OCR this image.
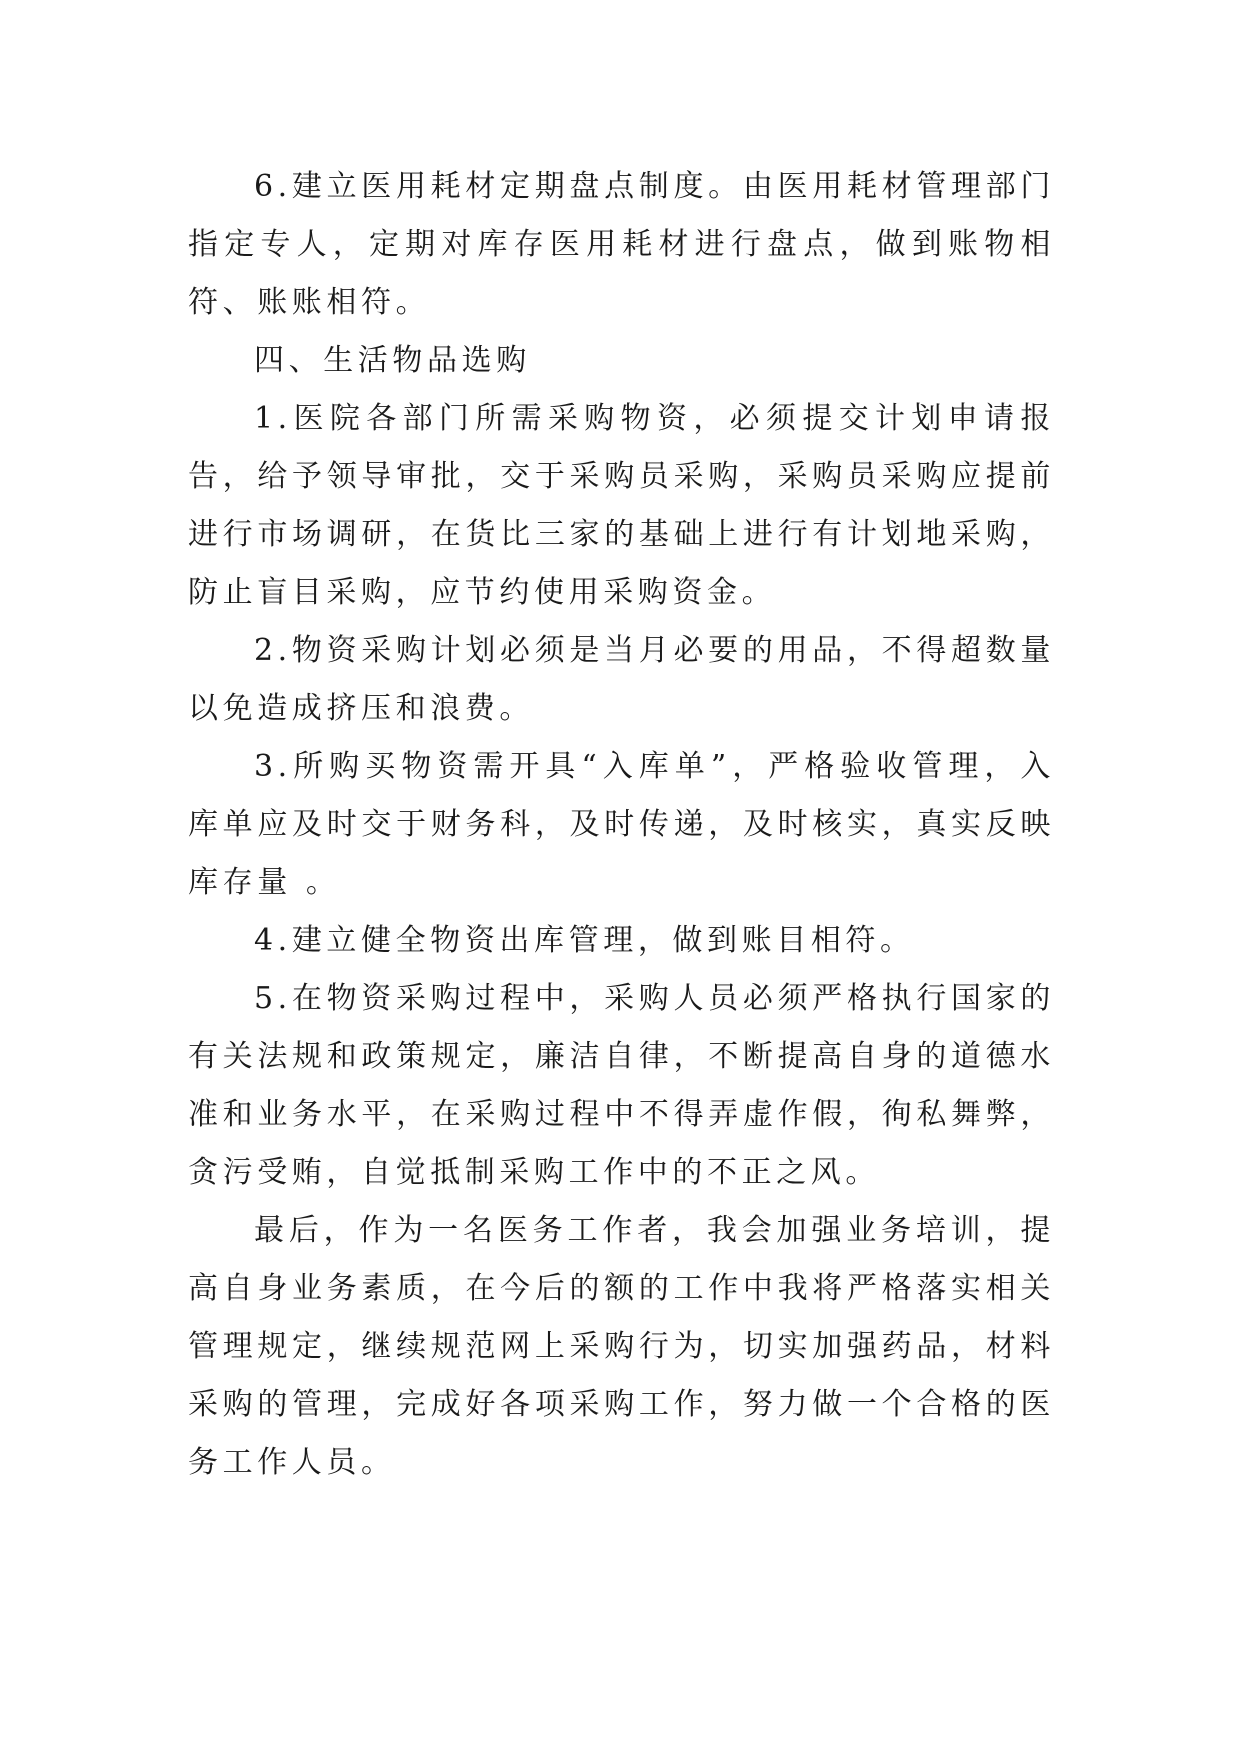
6.建立医用耗材定期盘点制度。由医用耗材管理部门指定专人，定期对库存医用耗材进行盘点，做到账物相符、账账相符。

四、生活物品选购

1.医院各部门所需采购物资，必须提交计划申请报告，给予领导审批，交于采购员采购，采购员采购应提前进行市场调研，在货比三家的基础上进行有计划地采购，防止盲目采购，应节约使用采购资金。

2.物资采购计划必须是当月必要的用品，不得超数量以免造成挤压和浪费。

3.所购买物资需开具“入库单”，严格验收管理，入库单应及时交于财务科，及时传递，及时核实，真实反映库存量 。

4.建立健全物资出库管理，做到账目相符。

5.在物资采购过程中，采购人员必须严格执行国家的有关法规和政策规定，廉洁自律，不断提高自身的道德水准和业务水平，在采购过程中不得弄虚作假，徇私舞弊，贪污受贿，自觉抵制采购工作中的不正之风。

最后，作为一名医务工作者，我会加强业务培训，提高自身业务素质，在今后的额的工作中我将严格落实相关管理规定，继续规范网上采购行为，切实加强药品，材料采购的管理，完成好各项采购工作，努力做一个合格的医务工作人员。
